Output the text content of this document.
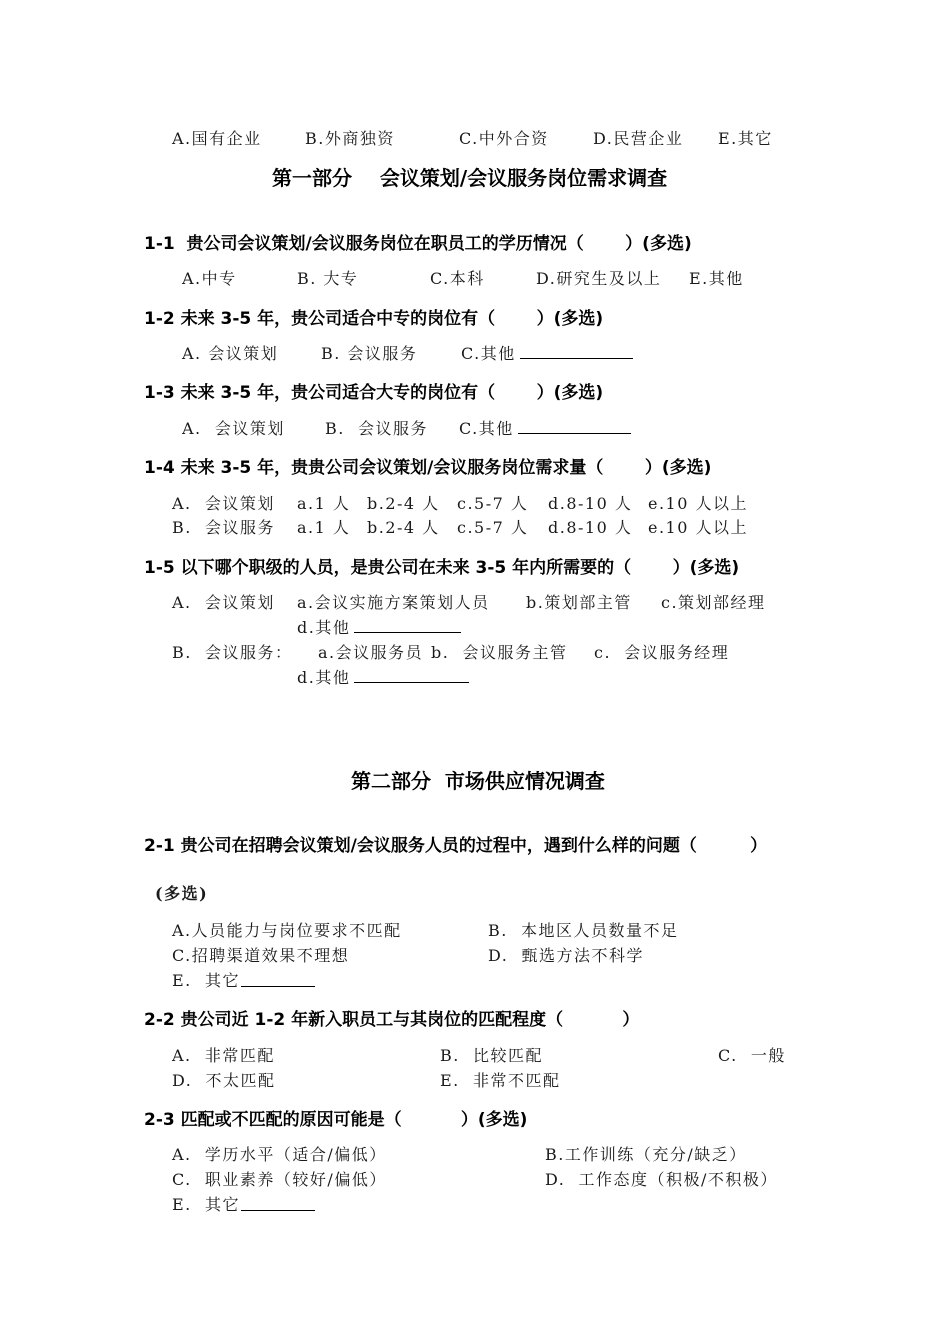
A.国有企业	B.外商独资	C.中外合资	D.民营企业 E.其它
第一部分    会议策划/会议服务岗位需求调查
1-1  贵公司会议策划/会议服务岗位在职员工的学历情况（       ）(多选)
A.中专	B. 大专	C.本科	D.研究生及以上 E.其他
1-2 未来 3-5 年，贵公司适合中专的岗位有（       ）(多选)
A. 会议策划	B. 会议服务	C.其他
1-3 未来 3-5 年，贵公司适合大专的岗位有（       ）(多选)
A.  会议策划	B.  会议服务 C.其他
1-4 未来 3-5 年，贵贵公司会议策划/会议服务岗位需求量（       ）(多选)
A.  会议策划 a.1 人 b.2-4 人 c.5-7 人 d.8-10 人 e.10 人以上
B.  会议服务 a.1 人 b.2-4 人 c.5-7 人 d.8-10 人 e.10 人以上
1-5 以下哪个职级的人员，是贵公司在未来 3-5 年内所需要的（       ）(多选)
A.  会议策划 a.会议实施方案策划人员 b.策划部主管 c.策划部经理
d.其他
B.  会议服务： a.会议服务员 b.  会议服务主管 c.  会议服务经理
d.其他
第二部分  市场供应情况调查
2-1 贵公司在招聘会议策划/会议服务人员的过程中，遇到什么样的问题（         ）
(多选)
A.人员能力与岗位要求不匹配	B.  本地区人员数量不足
C.招聘渠道效果不理想	D.  甄选方法不科学
E.  其它
2-2 贵公司近 1-2 年新入职员工与其岗位的匹配程度（          ）
A.  非常匹配	B.  比较匹配	C.  一般
D.  不太匹配	E.  非常不匹配
2-3 匹配或不匹配的原因可能是（          ）(多选)
A.  学历水平（适合/偏低）	B.工作训练（充分/缺乏）
C.  职业素养（较好/偏低）	D.  工作态度（积极/不积极）
E.  其它
